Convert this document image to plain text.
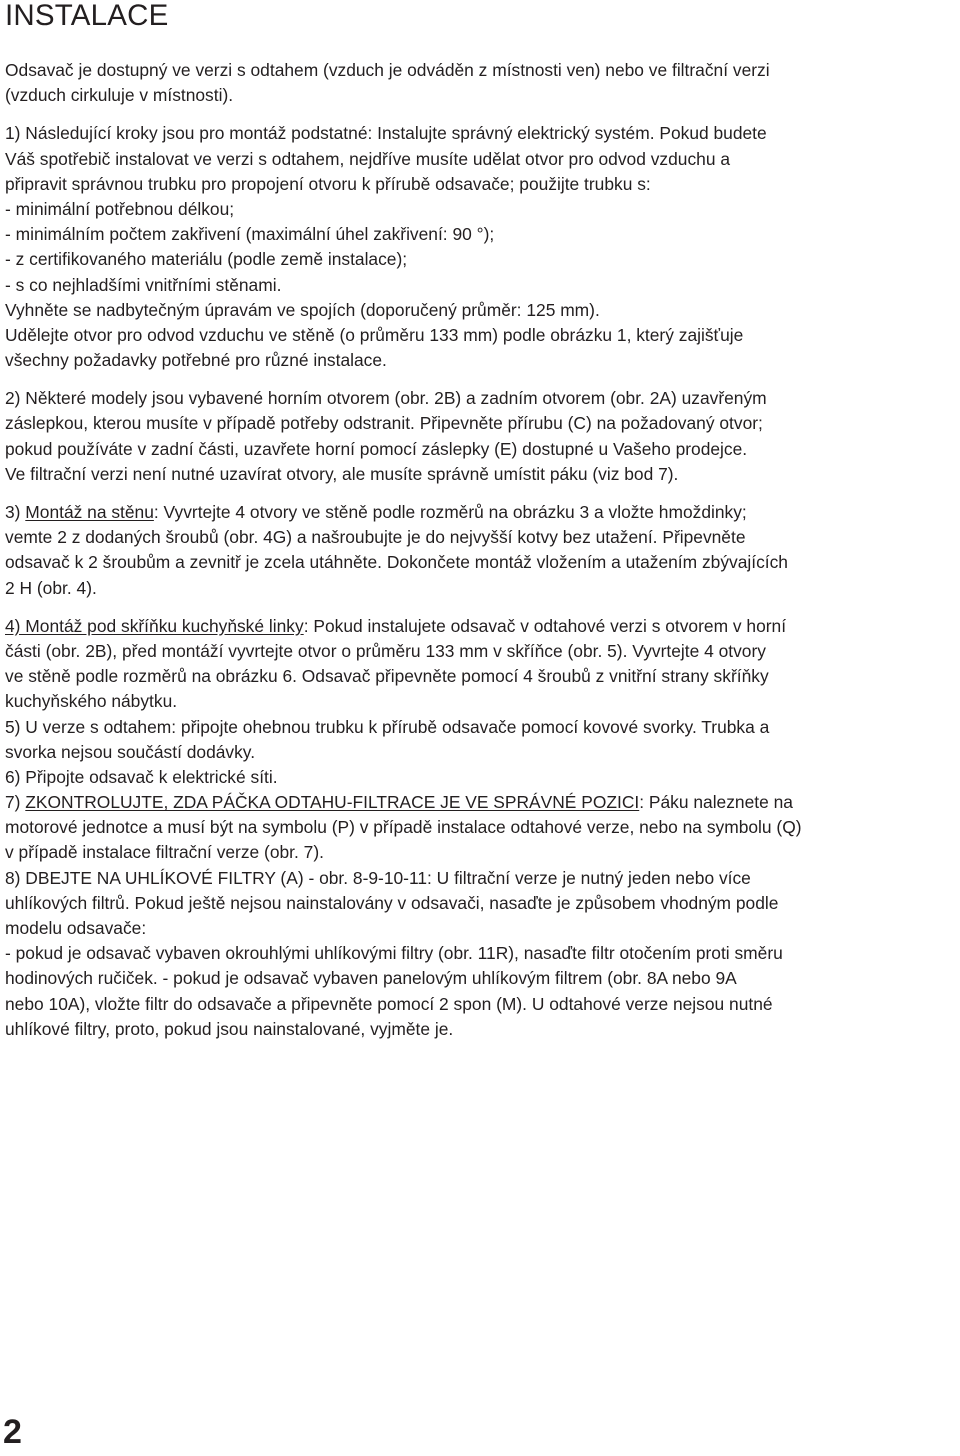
INSTALACE
Odsavač je dostupný ve verzi s odtahem (vzduch je odváděn z místnosti ven) nebo ve filtrační verzi
(vzduch cirkuluje v místnosti).
1) Následující kroky jsou pro montáž podstatné: Instalujte správný elektrický systém. Pokud budete
Váš spotřebič instalovat ve verzi s odtahem, nejdříve musíte udělat otvor pro odvod vzduchu a
připravit správnou trubku pro propojení otvoru k přírubě odsavače; použijte trubku s:
- minimální potřebnou délkou;
- minimálním počtem zakřivení (maximální úhel zakřivení: 90 °);
- z certifikovaného materiálu (podle země instalace);
- s co nejhladšími vnitřními stěnami.
Vyhněte se nadbytečným úpravám ve spojích (doporučený průměr: 125 mm).
Udělejte otvor pro odvod vzduchu ve stěně (o průměru 133 mm) podle obrázku 1, který zajišťuje
všechny požadavky potřebné pro různé instalace.
2) Některé modely jsou vybavené horním otvorem (obr. 2B) a zadním otvorem (obr. 2A) uzavřeným
záslepkou, kterou musíte v případě potřeby odstranit. Připevněte přírubu (C) na požadovaný otvor;
pokud používáte v zadní části, uzavřete horní pomocí záslepky (E) dostupné u Vašeho prodejce.
Ve filtrační verzi není nutné uzavírat otvory, ale musíte správně umístit páku (viz bod 7).
3) Montáž na stěnu: Vyvrtejte 4 otvory ve stěně podle rozměrů na obrázku 3 a vložte hmoždinky;
vemte 2 z dodaných šroubů (obr. 4G) a našroubujte je do nejvyšší kotvy bez utažení. Připevněte
odsavač k 2 šroubům a zevnitř je zcela utáhněte. Dokončete montáž vložením a utažením zbývajících
2 H (obr. 4).
4) Montáž pod skříňku kuchyňské linky: Pokud instalujete odsavač v odtahové verzi s otvorem v horní
části (obr. 2B), před montáží vyvrtejte otvor o průměru 133 mm v skříňce (obr. 5). Vyvrtejte 4 otvory
ve stěně podle rozměrů na obrázku 6. Odsavač připevněte pomocí 4 šroubů z vnitřní strany skříňky
kuchyňského nábytku.
5) U verze s odtahem: připojte ohebnou trubku k přírubě odsavače pomocí kovové svorky. Trubka a
svorka nejsou součástí dodávky.
6) Připojte odsavač k elektrické síti.
7) ZKONTROLUJTE, ZDA PÁČKA ODTAHU-FILTRACE JE VE SPRÁVNÉ POZICI: Páku naleznete na
motorové jednotce a musí být na symbolu (P) v případě instalace odtahové verze, nebo na symbolu (Q)
v případě instalace filtrační verze (obr. 7).
8) DBEJTE NA UHLÍKOVÉ FILTRY (A) - obr. 8-9-10-11: U filtrační verze je nutný jeden nebo více
uhlíkových filtrů. Pokud ještě nejsou nainstalovány v odsavači, nasaďte je způsobem vhodným podle
modelu odsavače:
- pokud je odsavač vybaven okrouhlými uhlíkovými filtry (obr. 11R), nasaďte filtr otočením proti směru
hodinových ručiček. - pokud je odsavač vybaven panelovým uhlíkovým filtrem (obr. 8A nebo 9A
nebo 10A), vložte filtr do odsavače a připevněte pomocí 2 spon (M). U odtahové verze nejsou nutné
uhlíkové filtry, proto, pokud jsou nainstalované, vyjměte je.
2
